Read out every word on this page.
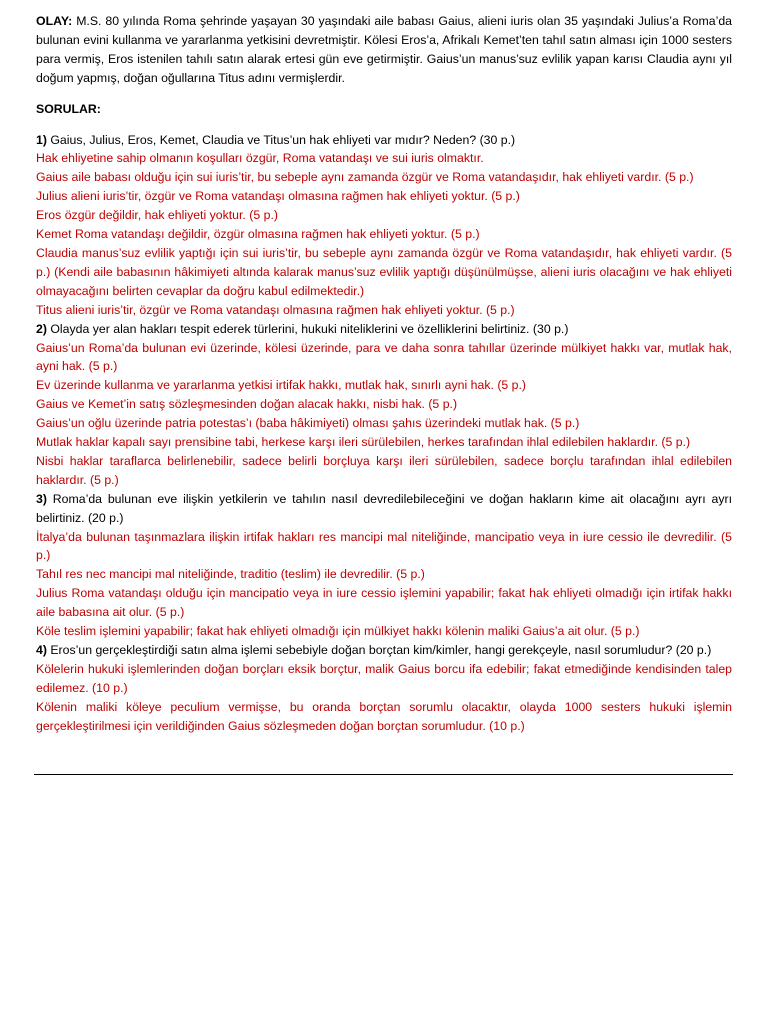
OLAY: M.S. 80 yılında Roma şehrinde yaşayan 30 yaşındaki aile babası Gaius, alieni iuris olan 35 yaşındaki Julius’a Roma’da bulunan evini kullanma ve yararlanma yetkisini devretmiştir. Kölesi Eros’a, Afrikalı Kemet’ten tahıl satın alması için 1000 sesters para vermiş, Eros istenilen tahılı satın alarak ertesi gün eve getirmiştir. Gaius’un manus’suz evlilik yapan karısı Claudia aynı yıl doğum yapmış, doğan oğullarına Titus adını vermişlerdir.

SORULAR:

1) Gaius, Julius, Eros, Kemet, Claudia ve Titus’un hak ehliyeti var mıdır? Neden? (30 p.)

Hak ehliyetine sahip olmanın koşulları özgür, Roma vatandaşı ve sui iuris olmaktır.

Gaius aile babası olduğu için sui iuris’tir, bu sebeple aynı zamanda özgür ve Roma vatandaşıdır, hak ehliyeti vardır. (5 p.)

Julius alieni iuris’tir, özgür ve Roma vatandaşı olmasına rağmen hak ehliyeti yoktur. (5 p.)

Eros özgür değildir, hak ehliyeti yoktur. (5 p.)

Kemet Roma vatandaşı değildir, özgür olmasına rağmen hak ehliyeti yoktur. (5 p.)

Claudia manus’suz evlilik yaptığı için sui iuris’tir, bu sebeple aynı zamanda özgür ve Roma vatandaşıdır, hak ehliyeti vardır. (5 p.) (Kendi aile babasının hâkimiyeti altında kalarak manus’suz evlilik yaptığı düşünülmüşse, alieni iuris olacağını ve hak ehliyeti olmayacağını belirten cevaplar da doğru kabul edilmektedir.)

Titus alieni iuris’tir, özgür ve Roma vatandaşı olmasına rağmen hak ehliyeti yoktur. (5 p.)

2) Olayda yer alan hakları tespit ederek türlerini, hukuki niteliklerini ve özelliklerini belirtiniz. (30 p.)

Gaius’un Roma’da bulunan evi üzerinde, kölesi üzerinde, para ve daha sonra tahıllar üzerinde mülkiyet hakkı var, mutlak hak, ayni hak. (5 p.)

Ev üzerinde kullanma ve yararlanma yetkisi irtifak hakkı, mutlak hak, sınırlı ayni hak. (5 p.)

Gaius ve Kemet’in satış sözleşmesinden doğan alacak hakkı, nisbi hak. (5 p.)

Gaius’un oğlu üzerinde patria potestas’ı (baba hâkimiyeti) olması şahıs üzerindeki mutlak hak. (5 p.)

Mutlak haklar kapalı sayı prensibine tabi, herkese karşı ileri sürülebilen, herkes tarafından ihlal edilebilen haklardır. (5 p.)

Nisbi haklar taraflarca belirlenebilir, sadece belirli borçluya karşı ileri sürülebilen, sadece borçlu tarafından ihlal edilebilen haklardır. (5 p.)

3) Roma’da bulunan eve ilişkin yetkilerin ve tahılın nasıl devredilebileceğini ve doğan hakların kime ait olacağını ayrı ayrı belirtiniz. (20 p.)

İtalya’da bulunan taşınmazlara ilişkin irtifak hakları res mancipi mal niteliğinde, mancipatio veya in iure cessio ile devredilir. (5 p.)

Tahıl res nec mancipi mal niteliğinde, traditio (teslim) ile devredilir. (5 p.)

Julius Roma vatandaşı olduğu için mancipatio veya in iure cessio işlemini yapabilir; fakat hak ehliyeti olmadığı için irtifak hakkı aile babasına ait olur. (5 p.)

Köle teslim işlemini yapabilir; fakat hak ehliyeti olmadığı için mülkiyet hakkı kölenin maliki Gaius’a ait olur. (5 p.)

4) Eros’un gerçekleştirdiği satın alma işlemi sebebiyle doğan borçtan kim/kimler, hangi gerekçeyle, nasıl sorumludur? (20 p.)

Kölelerin hukuki işlemlerinden doğan borçları eksik borçtur, malik Gaius borcu ifa edebilir; fakat etmediğinde kendisinden talep edilemez. (10 p.)

Kölenin maliki köleye peculium vermişse, bu oranda borçtan sorumlu olacaktır, olayda 1000 sesters hukuki işlemin gerçekleştirilmesi için verildiğinden Gaius sözleşmeden doğan borçtan sorumludur. (10 p.)
